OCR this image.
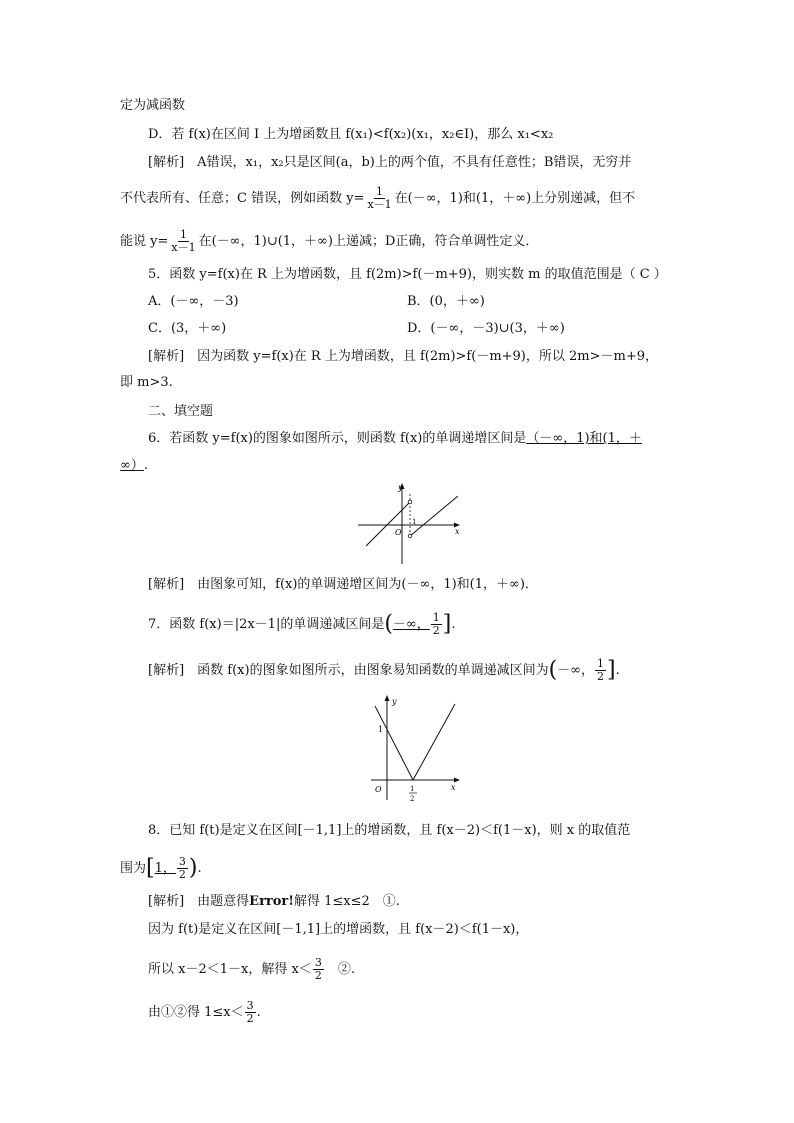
定为减函数
D．若 f(x)在区间 I 上为增函数且 f(x₁)<f(x₂)(x₁，x₂∈I)，那么 x₁<x₂
[解析]　A错误，x₁，x₂只是区间(a，b)上的两个值，不具有任意性；B错误，无穷并
不代表所有、任意；C 错误，例如函数 $y= \frac{1}{x-1}$ 在(－∞，1)和(1，＋∞)上分别递减，但不
能说 $y= \frac{1}{x-1}$ 在(－∞，1)∪(1，＋∞)上递减；D正确，符合单调性定义．
5．函数 y=f(x)在 R 上为增函数，且 f(2m)>f(－m+9)，则实数 m 的取值范围是（ C ）
A．(－∞，－3)	B．(0，＋∞)
C．(3，＋∞)	D．(－∞，－3)∪(3，＋∞)
[解析]　因为函数 y=f(x)在 R 上为增函数，且 f(2m)>f(－m+9)，所以 2m>－m+9，
即 m>3.
二、填空题
6．若函数 y=f(x)的图象如图所示，则函数 f(x)的单调递增区间是（－∞，1)和(1，＋
∞）.
y
x
O
1
[解析]　由图象可知，f(x)的单调递增区间为(－∞，1)和(1，＋∞)．
7．函数 f(x)＝|2x－1|的单调递减区间是(－∞， $\frac{1}{2}$ ].
[解析]　函数 f(x)的图象如图所示，由图象易知函数的单调递减区间为(－∞， $\frac{1}{2}$ ].
y
x
O
1
1
2
8．已知 f(t)是定义在区间[－1,1]上的增函数，且 f(x－2)＜f(1－x)，则 x 的取值范
围为[1， $\frac{3}{2}$ ).
[解析]　由题意得Error!解得 1≤x≤2　①.
因为 f(t)是定义在区间[－1,1]上的增函数，且 f(x－2)＜f(1－x)，
所以 x－2＜1－x，解得 $x< \frac{3}{2}$ 　②.
由①②得 $1\le x< \frac{3}{2}$ .
